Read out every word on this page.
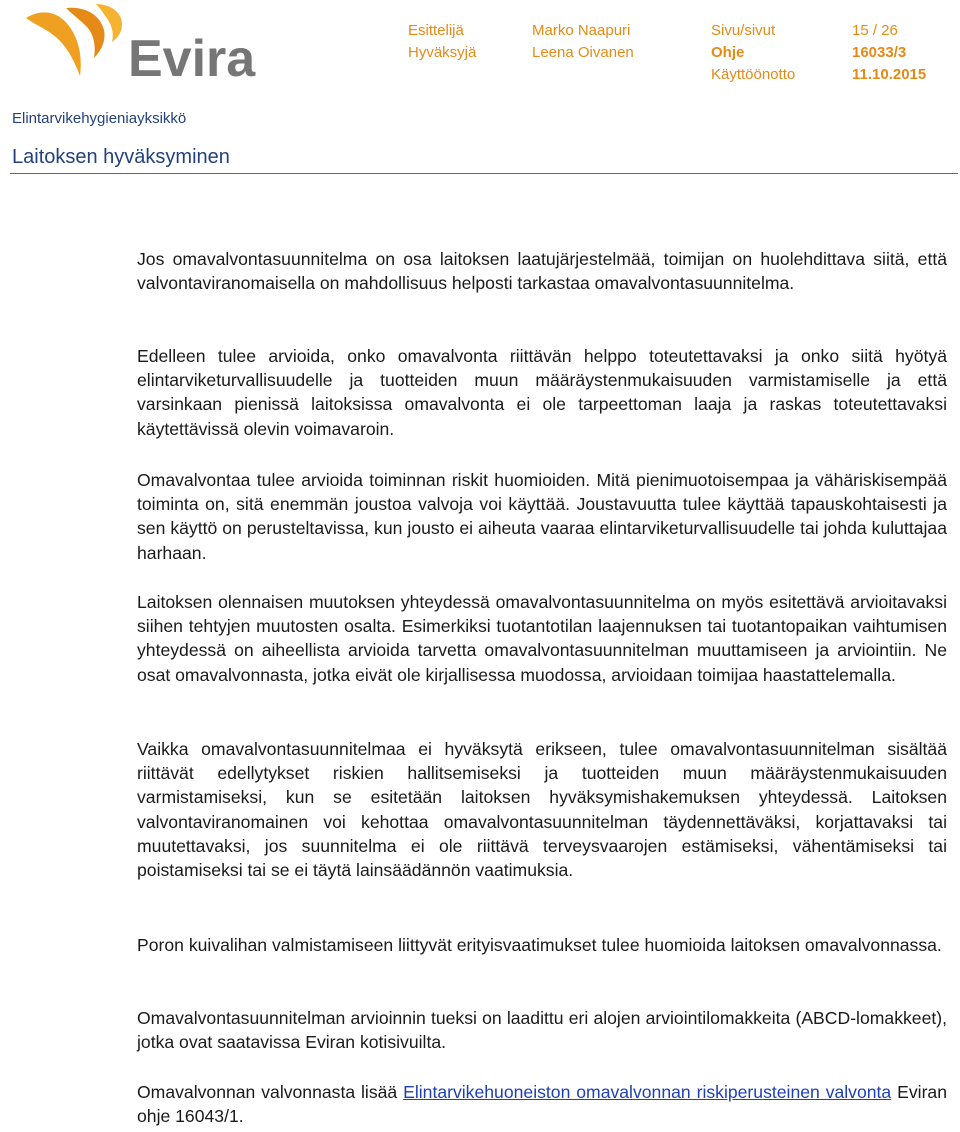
Evira	Esittelijä	Marko Naapuri	Sivu/sivut	15 / 26
Hyväksyjä	Leena Oivanen	Ohje	16033/3
Käyttöönotto	11.10.2015
Elintarvikehygieniayksikkö
Laitoksen hyväksyminen

Jos omavalvontasuunnitelma on osa laitoksen laatujärjestelmää, toimijan on huolehdittava siitä, että valvontaviranomaisella on mahdollisuus helposti tarkastaa omavalvontasuunnitelma.

Edelleen tulee arvioida, onko omavalvonta riittävän helppo toteutettavaksi ja onko siitä hyötyä elintarviketurvallisuudelle ja tuotteiden muun määräystenmukaisuuden varmistamiselle ja että varsinkaan pienissä laitoksissa omavalvonta ei ole tarpeettoman laaja ja raskas toteutettavaksi käytettävissä olevin voimavaroin.

Omavalvontaa tulee arvioida toiminnan riskit huomioiden. Mitä pienimuotoisempaa ja vähäriskisempää toiminta on, sitä enemmän joustoa valvoja voi käyttää. Joustavuutta tulee käyttää tapauskohtaisesti ja sen käyttö on perusteltavissa, kun jousto ei aiheuta vaaraa elintarviketurvallisuudelle tai johda kuluttajaa harhaan.

Laitoksen olennaisen muutoksen yhteydessä omavalvontasuunnitelma on myös esitettävä arvioitavaksi siihen tehtyjen muutosten osalta. Esimerkiksi tuotantotilan laajennuksen tai tuotantopaikan vaihtumisen yhteydessä on aiheellista arvioida tarvetta omavalvontasuunnitelman muuttamiseen ja arviointiin. Ne osat omavalvonnasta, jotka eivät ole kirjallisessa muodossa, arvioidaan toimijaa haastattelemalla.

Vaikka omavalvontasuunnitelmaa ei hyväksytä erikseen, tulee omavalvontasuunnitelman sisältää riittävät edellytykset riskien hallitsemiseksi ja tuotteiden muun määräystenmukaisuuden varmistamiseksi, kun se esitetään laitoksen hyväksymishakemuksen yhteydessä. Laitoksen valvontaviranomainen voi kehottaa omavalvontasuunnitelman täydennettäväksi, korjattavaksi tai muutettavaksi, jos suunnitelma ei ole riittävä terveysvaarojen estämiseksi, vähentämiseksi tai poistamiseksi tai se ei täytä lainsäädännön vaatimuksia.

Poron kuivalihan valmistamiseen liittyvät erityisvaatimukset tulee huomioida laitoksen omavalvonnassa.

Omavalvontasuunnitelman arvioinnin tueksi on laadittu eri alojen arviointilomakkeita (ABCD-lomakkeet), jotka ovat saatavissa Eviran kotisivuilta.

Omavalvonnan valvonnasta lisää Elintarvikehuoneiston omavalvonnan riskiperusteinen valvonta Eviran ohje 16043/1.
